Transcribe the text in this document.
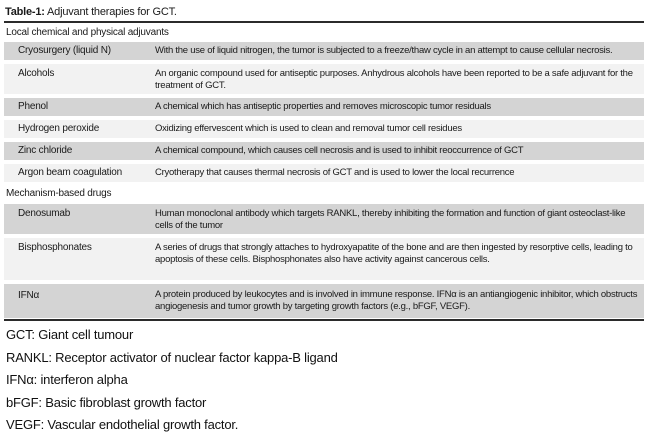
Table-1: Adjuvant therapies for GCT.
Local chemical and physical adjuvants
Cryosurgery (liquid N)	With the use of liquid nitrogen, the tumor is subjected to a freeze/thaw cycle in an attempt to cause cellular necrosis.
Alcohols	An organic compound used for antiseptic purposes. Anhydrous alcohols have been reported to be a safe adjuvant for the treatment of GCT.
Phenol	A chemical which has antiseptic properties and removes microscopic tumor residuals
Hydrogen peroxide	Oxidizing effervescent which is used to clean and removal tumor cell residues
Zinc chloride	A chemical compound, which causes cell necrosis and is used to inhibit reoccurrence of GCT
Argon beam coagulation	Cryotherapy that causes thermal necrosis of GCT and is used to lower the local recurrence
Mechanism-based drugs
Denosumab	Human monoclonal antibody which targets RANKL, thereby inhibiting the formation and function of giant osteoclast-like cells of the tumor
Bisphosphonates	A series of drugs that strongly attaches to hydroxyapatite of the bone and are then ingested by resorptive cells, leading to apoptosis of these cells. Bisphosphonates also have activity against cancerous cells.
IFNα	A protein produced by leukocytes and is involved in immune response. IFNα is an antiangiogenic inhibitor, which obstructs angiogenesis and tumor growth by targeting growth factors (e.g., bFGF, VEGF).
GCT: Giant cell tumour
RANKL: Receptor activator of nuclear factor kappa-B ligand
IFNα: interferon alpha
bFGF: Basic fibroblast growth factor
VEGF: Vascular endothelial growth factor.
